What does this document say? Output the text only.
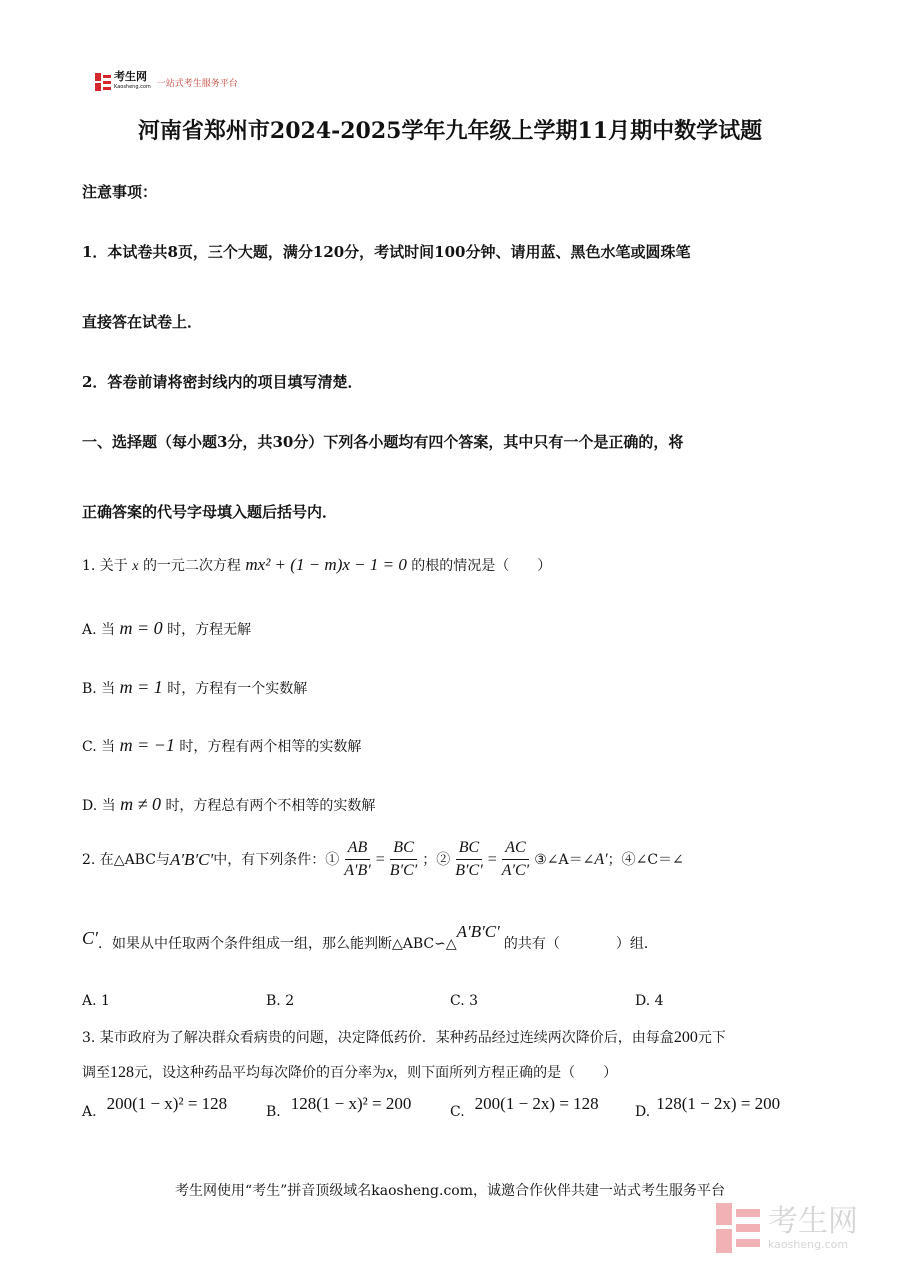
考生网
Kaosheng.com 一站式考生服务平台
河南省郑州市2024-2025学年九年级上学期11月期中数学试题
注意事项：
1．本试卷共8页，三个大题，满分120分，考试时间100分钟、请用蓝、黑色水笔或圆珠笔
直接答在试卷上．
2．答卷前请将密封线内的项目填写清楚．
一、选择题（每小题3分，共30分）下列各小题均有四个答案，其中只有一个是正确的，将
正确答案的代号字母填入题后括号内．
1. 关于 x 的一元二次方程 mx² + (1 − m)x − 1 = 0 的根的情况是（　　）
A. 当 m = 0 时，方程无解
B. 当 m = 1 时，方程有一个实数解
C. 当 m = −1 时，方程有两个相等的实数解
D. 当 m ≠ 0 时，方程总有两个不相等的实数解
2. 在△ABC与 A′B′C′ 中，有下列条件：① $\frac{AB}{A'B'} = \frac{BC}{B'C'}$ ；② $\frac{BC}{B'C'} = \frac{AC}{A'C'}$ ③∠A＝∠ A′ ；④∠C＝∠
C′ ．如果从中任取两个条件组成一组，那么能判断△ABC∽△
A′B′C′
的共有（　　　　）组．
A. 1	B. 2	C. 3	D. 4
3. 某市政府为了解决群众看病贵的问题，决定降低药价．某种药品经过连续两次降价后，由每盒200元下
调至128元，设这种药品平均每次降价的百分率为x，则下面所列方程正确的是（　　）
A. 200(1 − x)² = 128	B. 128(1 − x)² = 200	C. 200(1 − 2x) = 128	D. 128(1 − 2x) = 200
考生网使用“考生”拼音顶级域名kaosheng.com，诚邀合作伙伴共建一站式考生服务平台
考生网
kaosheng.com
